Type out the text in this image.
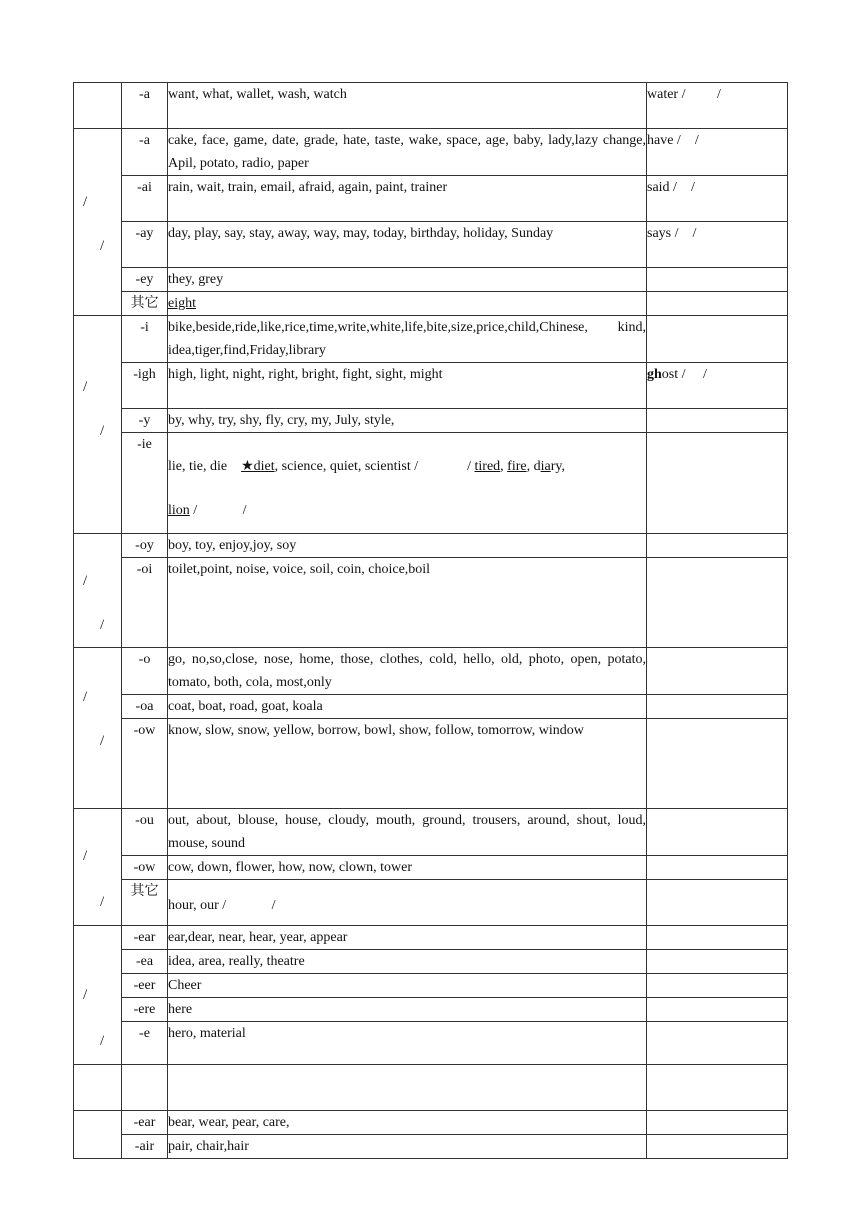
	-a	want, what, wallet, wash, watch	water /         /

/
/	-a	cake, face, game, date, grade, hate, taste, wake, space, age, baby, lady,lazy change, Apil, potato, radio, paper	have /    /
	-ai	rain, wait, train, email, afraid, again, paint, trainer	said /    /
	-ay	day, play, say, stay, away, way, may, today, birthday, holiday, Sunday	says /    /
	-ey	they, grey	
	其它	eight	

/
/	-i	bike,beside,ride,like,rice,time,write,white,life,bite,size,price,child,Chinese, kind, idea,tiger,find,Friday,library	
	-igh	high, light, night, right, bright, fight, sight, might	ghost /     /
	-y	by, why, try, shy, fly, cry, my, July, style,	
	-ie	lie, tie, die ★diet, science, quiet, scientist / / tired, fire, diary,
lion / /	

/
/	-oy	boy, toy, enjoy,joy, soy	
	-oi	toilet,point, noise, voice, soil, coin, choice,boil	

/
/	-o	go, no,so,close, nose, home, those, clothes, cold, hello, old, photo, open, potato, tomato, both, cola, most,only	
	-oa	coat, boat, road, goat, koala	
	-ow	know, slow, snow, yellow, borrow, bowl, show, follow, tomorrow, window	

/
/	-ou	out, about, blouse, house, cloudy, mouth, ground, trousers, around, shout, loud, mouse, sound	
	-ow	cow, down, flower, how, now, clown, tower	
	其它	hour, our / /	

/
/	-ear	ear,dear, near, hear, year, appear	
	-ea	idea, area, really, theatre	
	-eer	Cheer	
	-ere	here	
	-e	hero, material	

	-ear	bear, wear, pear, care,	
	-air	pair, chair,hair	
